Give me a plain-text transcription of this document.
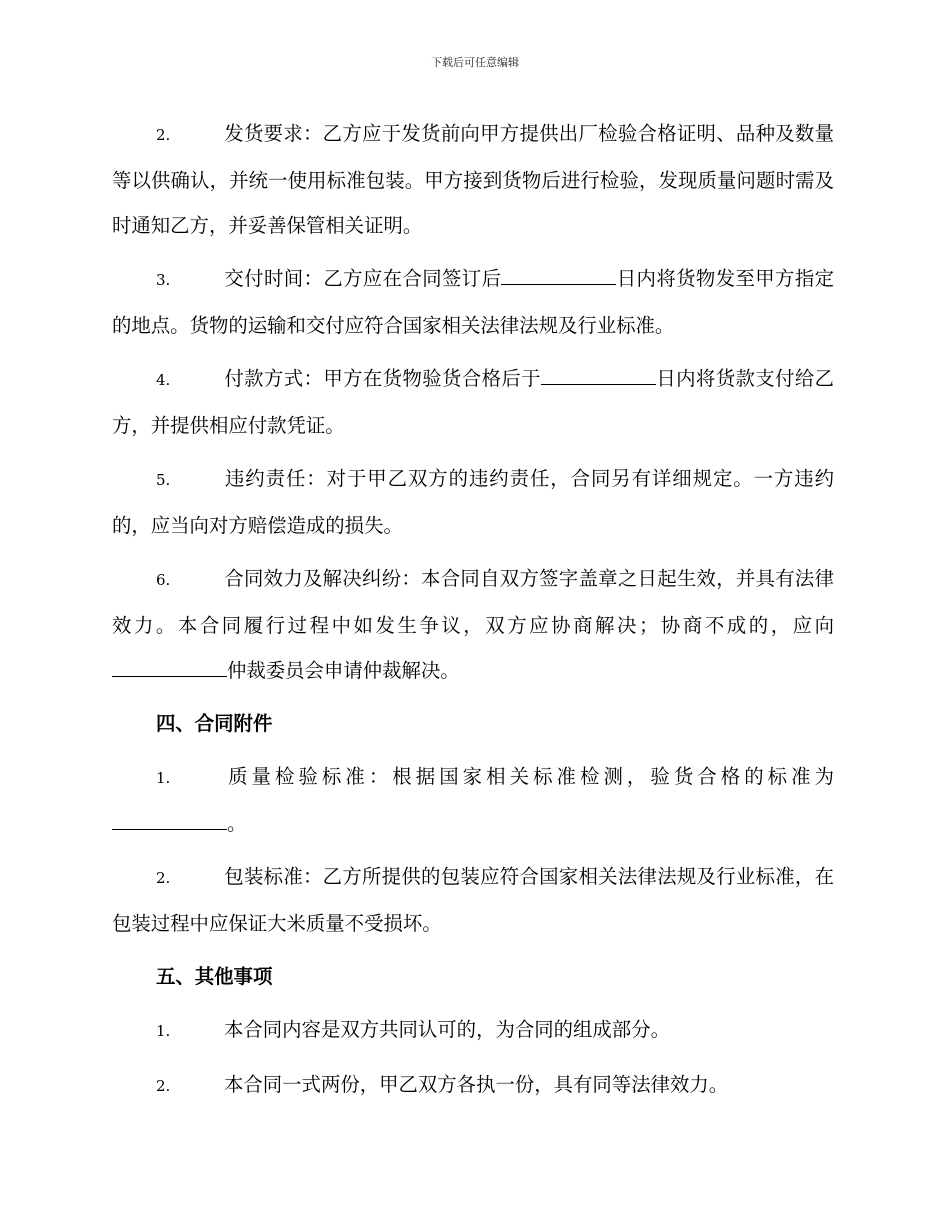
下载后可任意编辑

2.	发货要求：乙方应于发货前向甲方提供出厂检验合格证明、品种及数量等以供确认，并统一使用标准包装。甲方接到货物后进行检验，发现质量问题时需及时通知乙方，并妥善保管相关证明。

3.	交付时间：乙方应在合同签订后	日内将货物发至甲方指定的地点。货物的运输和交付应符合国家相关法律法规及行业标准。

4.	付款方式：甲方在货物验货合格后于	日内将货款支付给乙方，并提供相应付款凭证。

5.	违约责任：对于甲乙双方的违约责任，合同另有详细规定。一方违约的，应当向对方赔偿造成的损失。

6.	合同效力及解决纠纷：本合同自双方签字盖章之日起生效，并具有法律效力。本合同履行过程中如发生争议，双方应协商解决；协商不成的，应向仲裁委员会申请仲裁解决。

四、合同附件

1.	质量检验标准：根据国家相关标准检测，验货合格的标准为。

2.	包装标准：乙方所提供的包装应符合国家相关法律法规及行业标准，在包装过程中应保证大米质量不受损坏。

五、其他事项

1.	本合同内容是双方共同认可的，为合同的组成部分。

2.	本合同一式两份，甲乙双方各执一份，具有同等法律效力。
